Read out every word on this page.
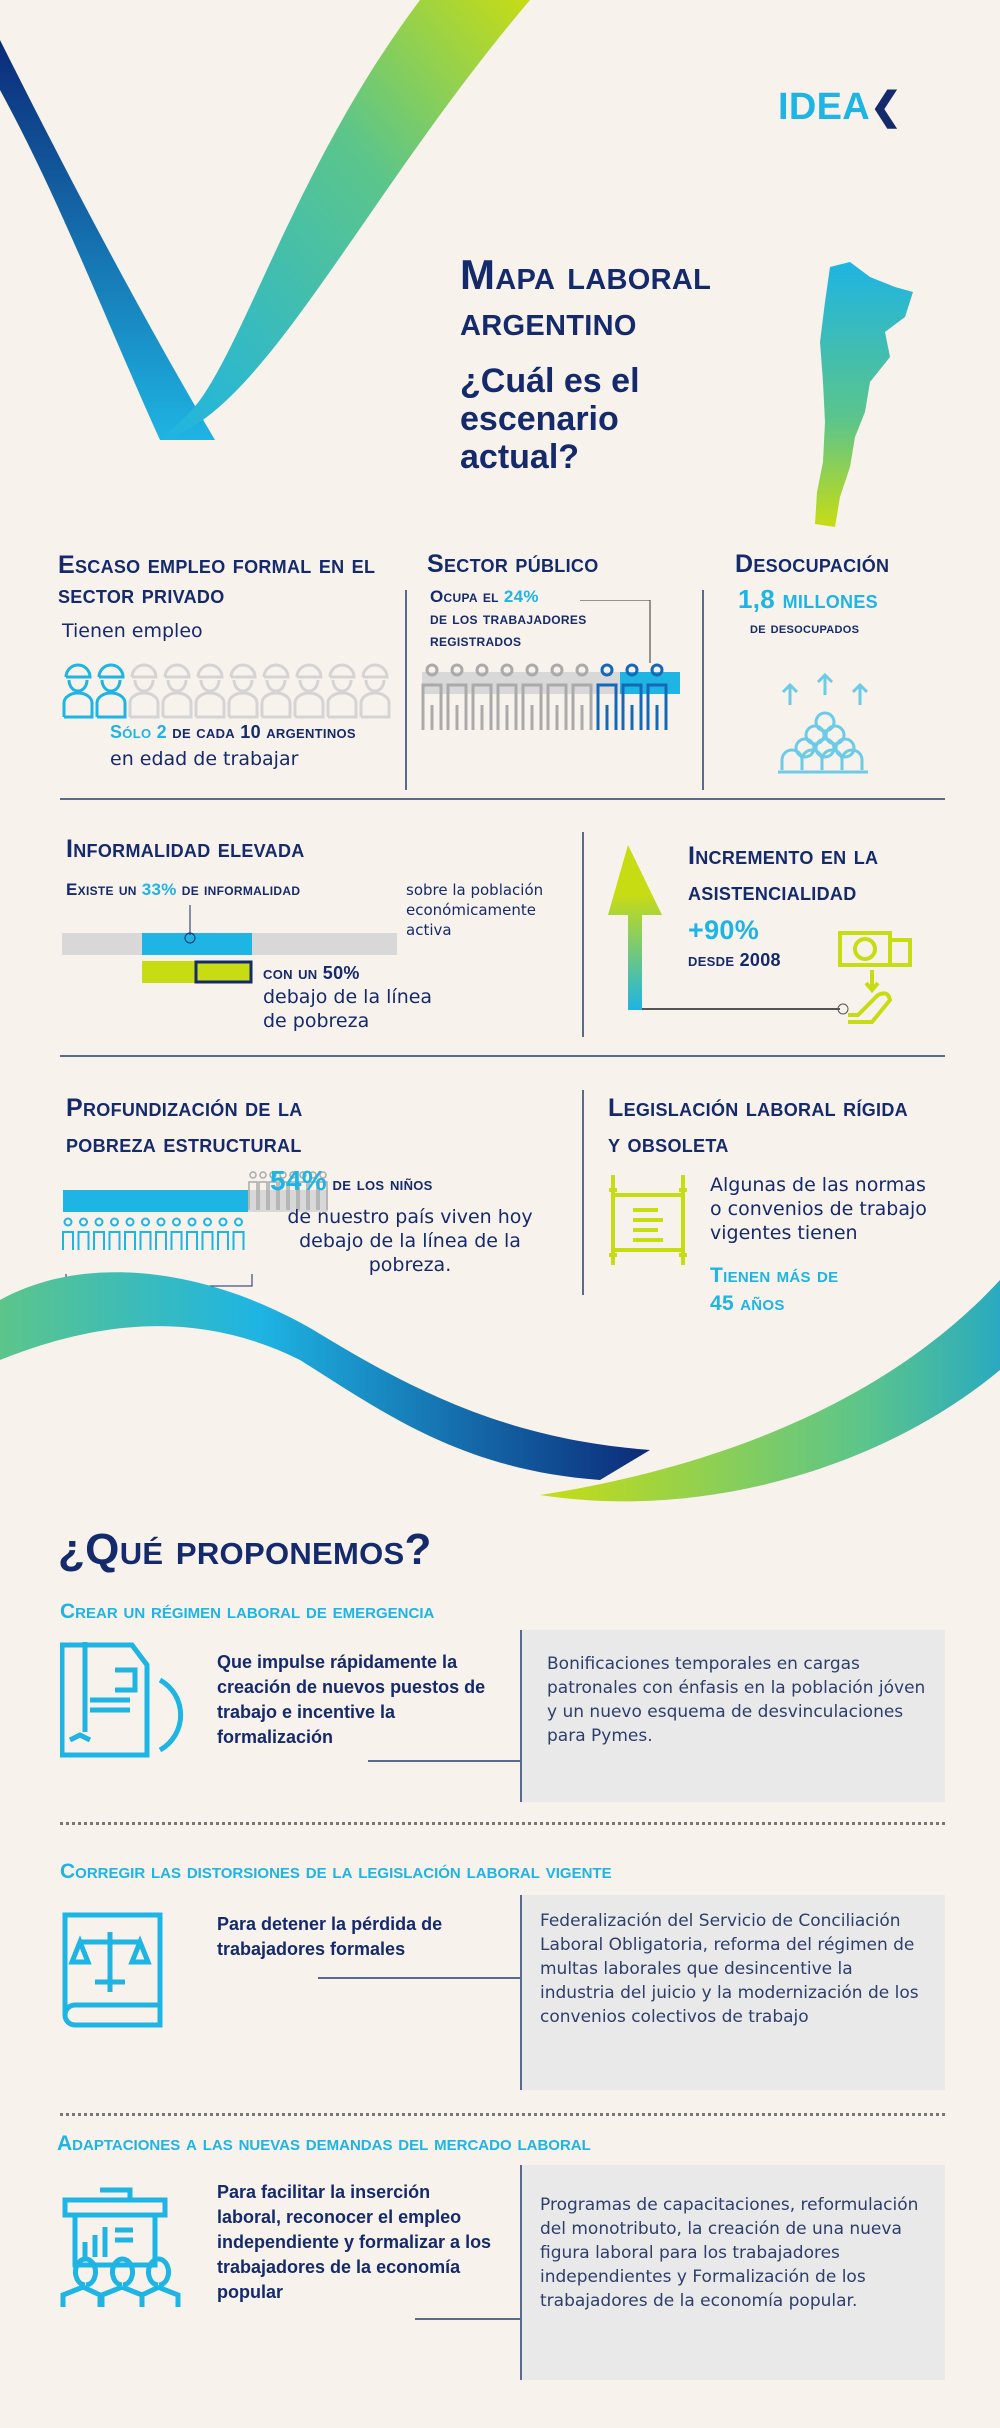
IDEA❮
Mapa laboral argentino
¿Cuál es el escenario actual?
Escaso empleo formal en el sector privado
Tienen empleo
Sólo 2 de cada 10 argentinos
en edad de trabajar
Sector público
Ocupa el 24%
de los trabajadores registrados
Desocupación
1,8 millones
de desocupados
Informalidad elevada
Existe un 33% de informalidad	sobre la población económicamente activa
con un 50%
debajo de la línea de pobreza
Incremento en la asistencialidad
+90%
desde 2008
Profundización de la pobreza estructural
54% de los niños
de nuestro país viven hoy debajo de la línea de la pobreza.
Legislación laboral rígida y obsoleta
Algunas de las normas o convenios de trabajo vigentes tienen
Tienen más de 45 años
¿Qué proponemos?
Crear un régimen laboral de emergencia
Que impulse rápidamente la creación de nuevos puestos de trabajo e incentive la formalización
Bonificaciones temporales en cargas patronales con énfasis en la población jóven y un nuevo esquema de desvinculaciones para Pymes.
Corregir las distorsiones de la legislación laboral vigente
Para detener la pérdida de trabajadores formales
Federalización del Servicio de Conciliación Laboral Obligatoria, reforma del régimen de multas laborales que desincentive la industria del juicio y la modernización de los convenios colectivos de trabajo
Adaptaciones a las nuevas demandas del mercado laboral
Para facilitar la inserción laboral, reconocer el empleo independiente y formalizar a los trabajadores de la economía popular
Programas de capacitaciones, reformulación del monotributo, la creación de una nueva figura laboral para los trabajadores independientes y Formalización de los trabajadores de la economía popular.
